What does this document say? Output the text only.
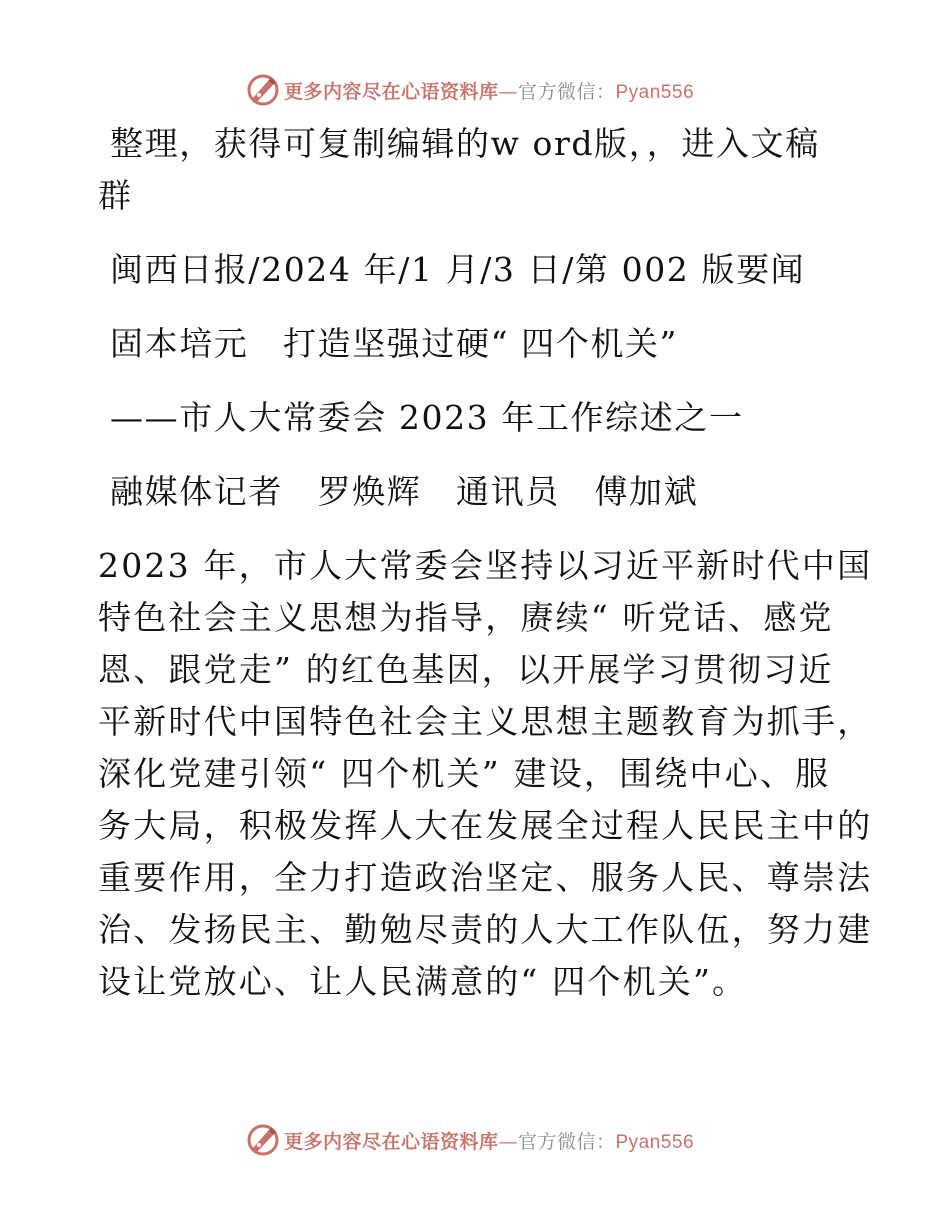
更多内容尽在心语资料库—官方微信：Pyan556
整理，获得可复制编辑的w ord版，，进入文稿
群
闽西日报/2024 年/1 月/3 日/第 002 版要闻
固本培元　打造坚强过硬“ 四个机关”
——市人大常委会 2023 年工作综述之一
融媒体记者　罗焕辉　通讯员　傅加斌
2023 年，市人大常委会坚持以习近平新时代中国
特色社会主义思想为指导，赓续“ 听党话、感党
恩、跟党走” 的红色基因，以开展学习贯彻习近
平新时代中国特色社会主义思想主题教育为抓手，
深化党建引领“ 四个机关” 建设，围绕中心、服
务大局，积极发挥人大在发展全过程人民民主中的
重要作用，全力打造政治坚定、服务人民、尊崇法
治、发扬民主、勤勉尽责的人大工作队伍，努力建
设让党放心、让人民满意的“ 四个机关”。
更多内容尽在心语资料库—官方微信：Pyan556
